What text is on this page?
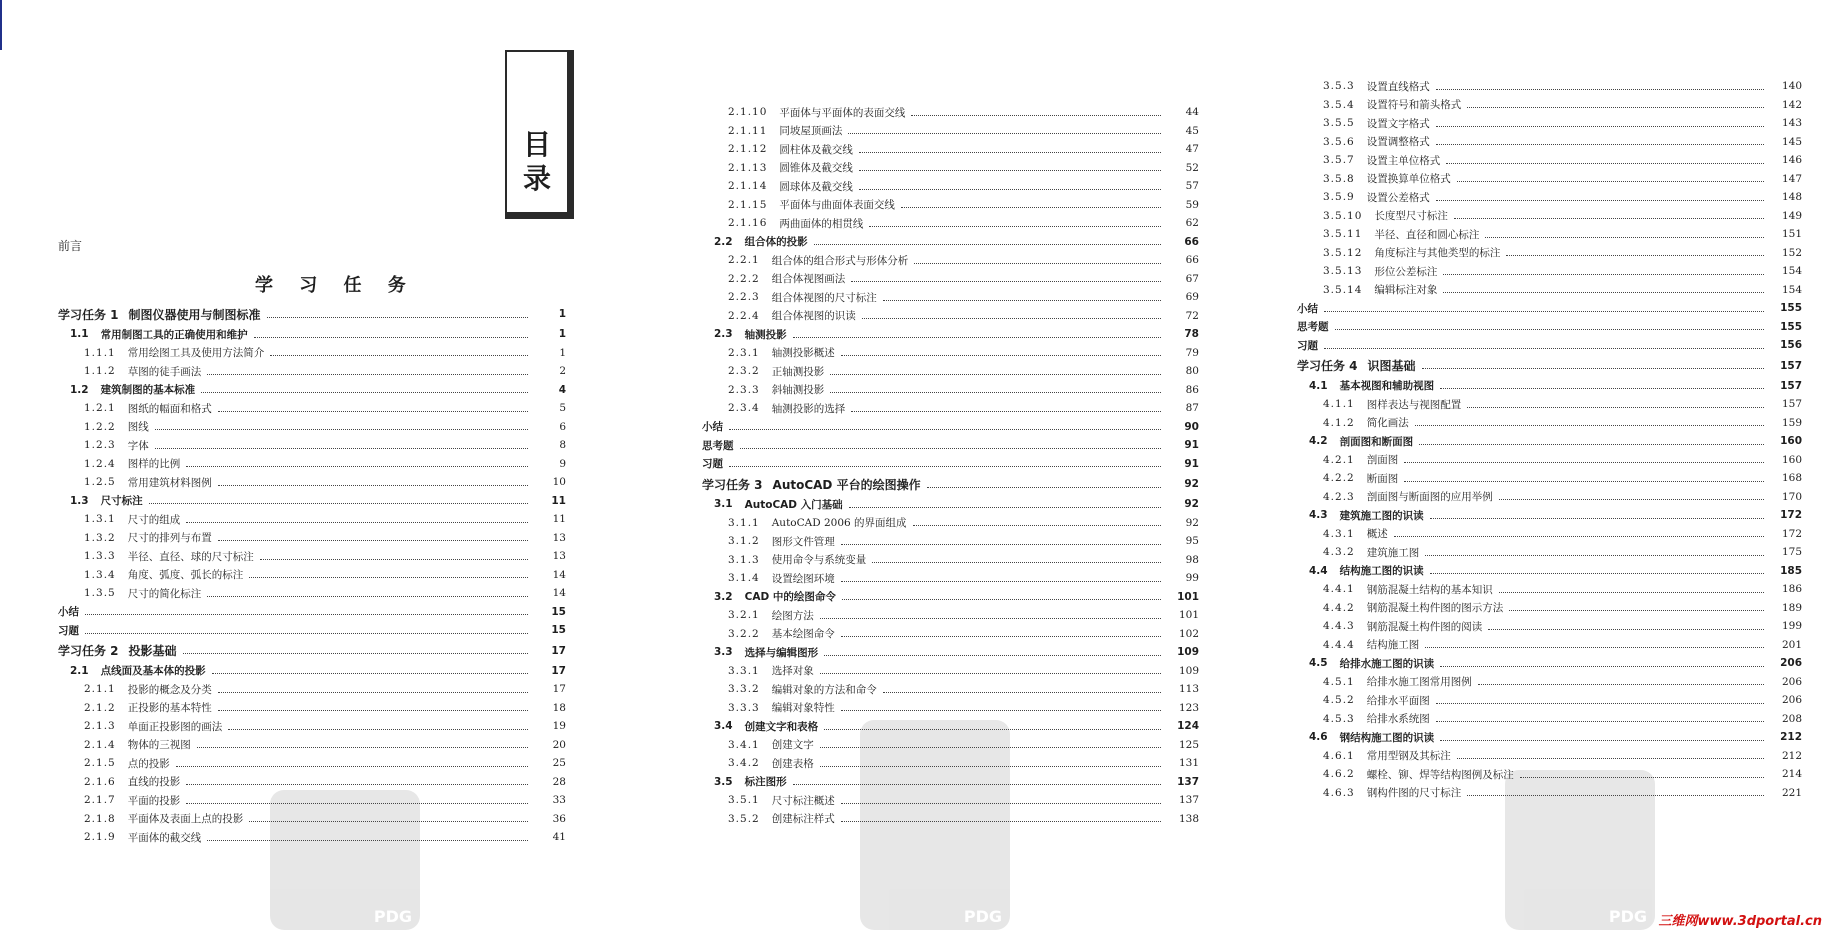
目
录
前言
学 习 任 务
学习任务 1 制图仪器使用与制图标准	1
1.1 常用制图工具的正确使用和维护	1
1.1.1 常用绘图工具及使用方法简介	1
1.1.2 草图的徒手画法	2
1.2 建筑制图的基本标准	4
1.2.1 图纸的幅面和格式	5
1.2.2 图线	6
1.2.3 字体	8
1.2.4 图样的比例	9
1.2.5 常用建筑材料图例	10
1.3 尺寸标注	11
1.3.1 尺寸的组成	11
1.3.2 尺寸的排列与布置	13
1.3.3 半径、直径、球的尺寸标注	13
1.3.4 角度、弧度、弧长的标注	14
1.3.5 尺寸的简化标注	14
小结	15
习题	15
学习任务 2 投影基础	17
2.1 点线面及基本体的投影	17
2.1.1 投影的概念及分类	17
2.1.2 正投影的基本特性	18
2.1.3 单面正投影图的画法	19
2.1.4 物体的三视图	20
2.1.5 点的投影	25
2.1.6 直线的投影	28
2.1.7 平面的投影	33
2.1.8 平面体及表面上点的投影	36
2.1.9 平面体的截交线	41
2.1.10 平面体与平面体的表面交线	44
2.1.11 同坡屋顶画法	45
2.1.12 圆柱体及截交线	47
2.1.13 圆锥体及截交线	52
2.1.14 圆球体及截交线	57
2.1.15 平面体与曲面体表面交线	59
2.1.16 两曲面体的相贯线	62
2.2 组合体的投影	66
2.2.1 组合体的组合形式与形体分析	66
2.2.2 组合体视图画法	67
2.2.3 组合体视图的尺寸标注	69
2.2.4 组合体视图的识读	72
2.3 轴测投影	78
2.3.1 轴测投影概述	79
2.3.2 正轴测投影	80
2.3.3 斜轴测投影	86
2.3.4 轴测投影的选择	87
小结	90
思考题	91
习题	91
学习任务 3 AutoCAD 平台的绘图操作	92
3.1 AutoCAD 入门基础	92
3.1.1 AutoCAD 2006 的界面组成	92
3.1.2 图形文件管理	95
3.1.3 使用命令与系统变量	98
3.1.4 设置绘图环境	99
3.2 CAD 中的绘图命令	101
3.2.1 绘图方法	101
3.2.2 基本绘图命令	102
3.3 选择与编辑图形	109
3.3.1 选择对象	109
3.3.2 编辑对象的方法和命令	113
3.3.3 编辑对象特性	123
3.4 创建文字和表格	124
3.4.1 创建文字	125
3.4.2 创建表格	131
3.5 标注图形	137
3.5.1 尺寸标注概述	137
3.5.2 创建标注样式	138
3.5.3 设置直线格式	140
3.5.4 设置符号和箭头格式	142
3.5.5 设置文字格式	143
3.5.6 设置调整格式	145
3.5.7 设置主单位格式	146
3.5.8 设置换算单位格式	147
3.5.9 设置公差格式	148
3.5.10 长度型尺寸标注	149
3.5.11 半径、直径和圆心标注	151
3.5.12 角度标注与其他类型的标注	152
3.5.13 形位公差标注	154
3.5.14 编辑标注对象	154
小结	155
思考题	155
习题	156
学习任务 4 识图基础	157
4.1 基本视图和辅助视图	157
4.1.1 图样表达与视图配置	157
4.1.2 简化画法	159
4.2 剖面图和断面图	160
4.2.1 剖面图	160
4.2.2 断面图	168
4.2.3 剖面图与断面图的应用举例	170
4.3 建筑施工图的识读	172
4.3.1 概述	172
4.3.2 建筑施工图	175
4.4 结构施工图的识读	185
4.4.1 钢筋混凝土结构的基本知识	186
4.4.2 钢筋混凝土构件图的图示方法	189
4.4.3 钢筋混凝土构件图的阅读	199
4.4.4 结构施工图	201
4.5 给排水施工图的识读	206
4.5.1 给排水施工图常用图例	206
4.5.2 给排水平面图	206
4.5.3 给排水系统图	208
4.6 钢结构施工图的识读	212
4.6.1 常用型钢及其标注	212
4.6.2 螺栓、铆、焊等结构图例及标注	214
4.6.3 钢构件图的尺寸标注	221
PDG	PDG	PDG 三维网www.3dportal.cn
